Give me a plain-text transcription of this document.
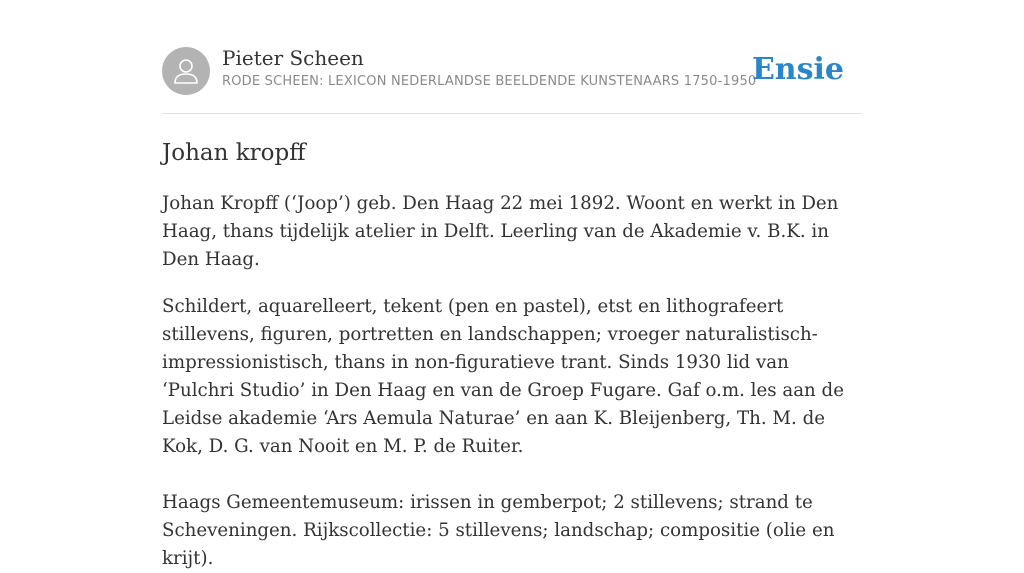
Pieter Scheen
RODE SCHEEN: LEXICON NEDERLANDSE BEELDENDE KUNSTENAARS 1750-1950
Ensie
Johan kropff

Johan Kropff (‘Joop’) geb. Den Haag 22 mei 1892. Woont en werkt in Den Haag, thans tijdelijk atelier in Delft. Leerling van de Akademie v. B.K. in Den Haag.

Schildert, aquarelleert, tekent (pen en pastel), etst en lithografeert stillevens, figuren, portretten en landschappen; vroeger naturalistisch-impressionistisch, thans in non-figuratieve trant. Sinds 1930 lid van ‘Pulchri Studio’ in Den Haag en van de Groep Fugare. Gaf o.m. les aan de Leidse akademie ‘Ars Aemula Naturae’ en aan K. Bleijenberg, Th. M. de Kok, D. G. van Nooit en M. P. de Ruiter.

Haags Gemeentemuseum: irissen in gemberpot; 2 stillevens; strand te Scheveningen. Rijkscollectie: 5 stillevens; landschap; compositie (olie en krijt).
